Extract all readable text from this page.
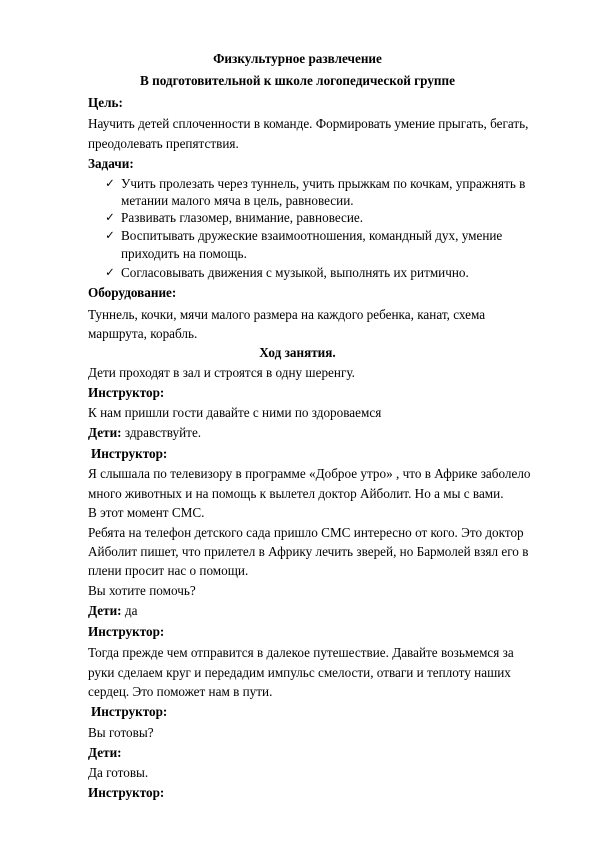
Физкультурное развлечение
В подготовительной к школе логопедической группе
Цель:
Научить детей сплоченности в команде. Формировать умение прыгать, бегать,
преодолевать препятствия.
Задачи:
✓ Учить пролезать через туннель, учить прыжкам по кочкам, упражнять в
метании малого мяча в цель, равновесии.
✓ Развивать глазомер, внимание, равновесие.
✓ Воспитывать дружеские взаимоотношения, командный дух, умение
приходить на помощь.
✓ Согласовывать движения с музыкой, выполнять их ритмично.
Оборудование:
Туннель, кочки, мячи малого размера на каждого ребенка, канат, схема
маршрута, корабль.
Ход занятия.
Дети проходят в зал и строятся в одну шеренгу.
Инструктор:
К нам пришли гости давайте с ними по здороваемся
Дети: здравствуйте.
Инструктор:
Я слышала по телевизору в программе «Доброе утро» , что в Африке заболело
много животных и на помощь к вылетел доктор Айболит. Но а мы с вами.
В этот момент СМС.
Ребята на телефон детского сада пришло СМС интересно от кого. Это доктор
Айболит пишет, что прилетел в Африку лечить зверей, но Бармолей взял его в
плени просит нас о помощи.
Вы хотите помочь?
Дети: да
Инструктор:
Тогда прежде чем отправится в далекое путешествие. Давайте возьмемся за
руки сделаем круг и передадим импульс смелости, отваги и теплоту наших
сердец. Это поможет нам в пути.
Инструктор:
Вы готовы?
Дети:
Да готовы.
Инструктор:
